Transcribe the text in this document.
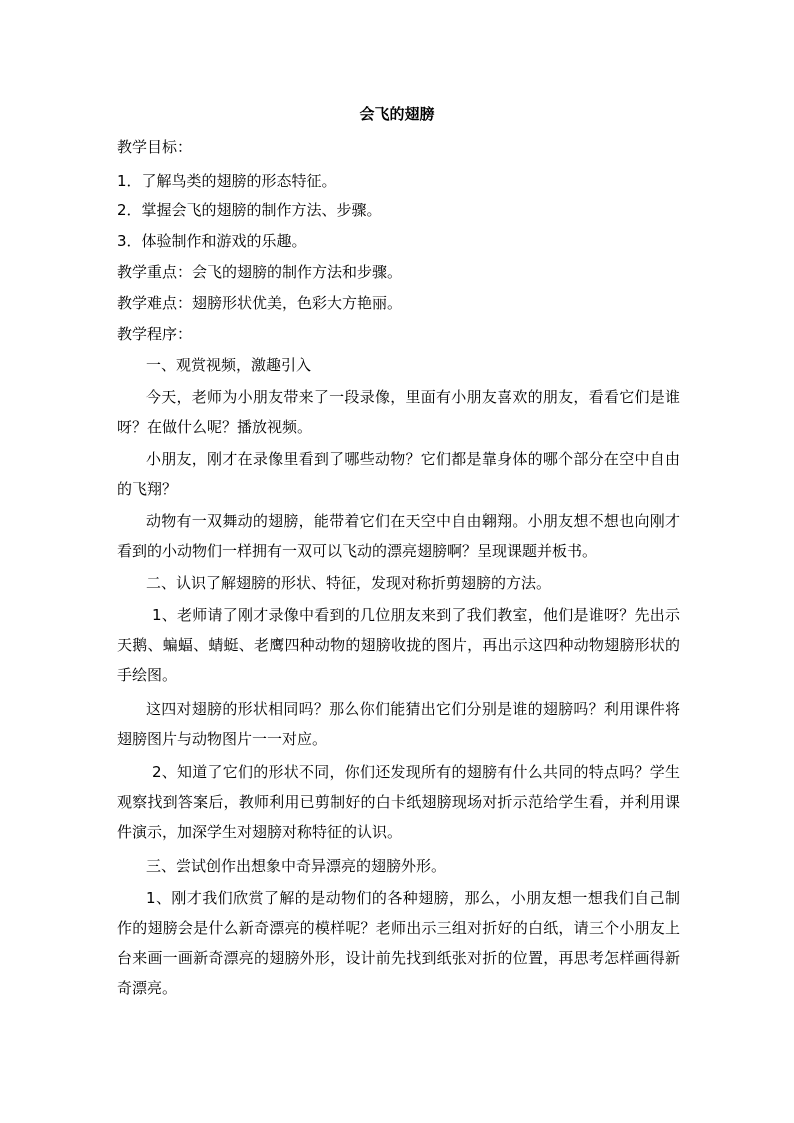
会飞的翅膀
教学目标：
1．了解鸟类的翅膀的形态特征。
2．掌握会飞的翅膀的制作方法、步骤。
3．体验制作和游戏的乐趣。
教学重点：会飞的翅膀的制作方法和步骤。
教学难点：翅膀形状优美，色彩大方艳丽。
教学程序：
一、观赏视频，激趣引入
今天，老师为小朋友带来了一段录像，里面有小朋友喜欢的朋友，看看它们是谁呀？在做什么呢？播放视频。
小朋友，刚才在录像里看到了哪些动物？它们都是靠身体的哪个部分在空中自由的飞翔？
动物有一双舞动的翅膀，能带着它们在天空中自由翱翔。小朋友想不想也向刚才看到的小动物们一样拥有一双可以飞动的漂亮翅膀啊？呈现课题并板书。
二、认识了解翅膀的形状、特征，发现对称折剪翅膀的方法。
1、老师请了刚才录像中看到的几位朋友来到了我们教室，他们是谁呀？先出示天鹅、蝙蝠、蜻蜓、老鹰四种动物的翅膀收拢的图片，再出示这四种动物翅膀形状的手绘图。
这四对翅膀的形状相同吗？那么你们能猜出它们分别是谁的翅膀吗？利用课件将翅膀图片与动物图片一一对应。
2、知道了它们的形状不同，你们还发现所有的翅膀有什么共同的特点吗？学生观察找到答案后，教师利用已剪制好的白卡纸翅膀现场对折示范给学生看，并利用课件演示，加深学生对翅膀对称特征的认识。
三、尝试创作出想象中奇异漂亮的翅膀外形。
1、刚才我们欣赏了解的是动物们的各种翅膀，那么，小朋友想一想我们自己制作的翅膀会是什么新奇漂亮的模样呢？老师出示三组对折好的白纸，请三个小朋友上台来画一画新奇漂亮的翅膀外形，设计前先找到纸张对折的位置，再思考怎样画得新奇漂亮。
